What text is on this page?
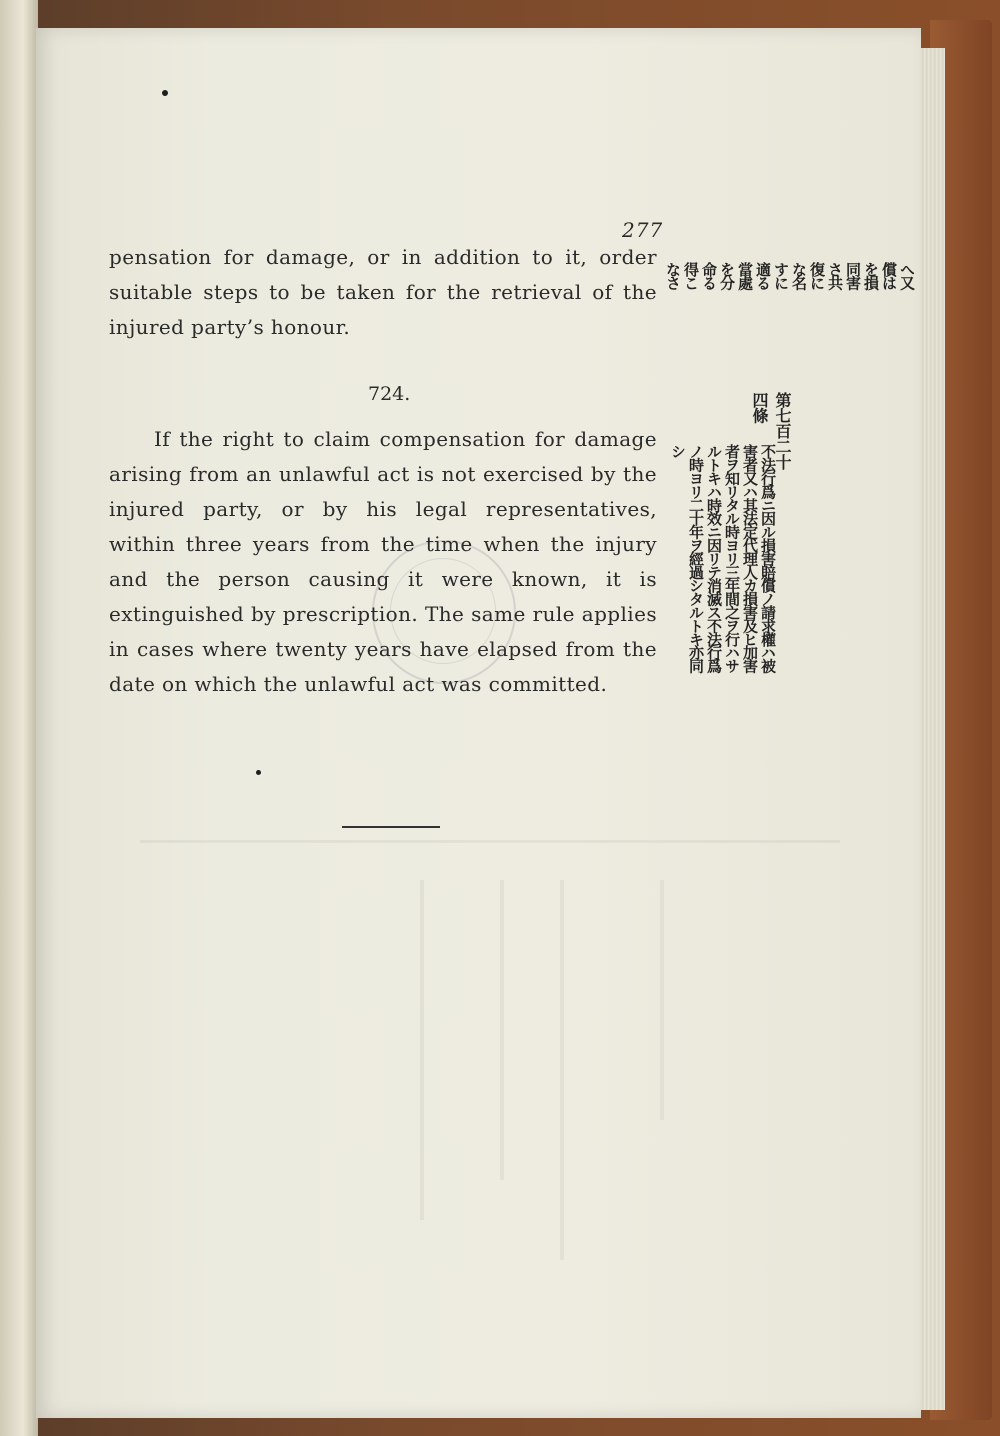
277

pensation for damage, or in addition to it, order suitable steps to be taken for the retrieval of the injured party’s honour.

へ又
償は
を損
同害
さ共
復に
な名
すに
適る
當處
を分
命る
得こ
なさ
724.	第七百二十
四條

If the right to claim compensation for damage arising from an unlawful act is not exercised by the injured party, or by his legal representatives, within three years from the time when the injury and the person causing it were known, it is extinguished by prescription. The same rule applies in cases where twenty years have elapsed from the date on which the unlawful act was committed.

不法行爲ニ因ル損害賠償ノ請求權ハ被
害者又ハ其法定代理人カ損害及ヒ加害
者ヲ知リタル時ヨリ三年間之ヲ行ハサ
ルトキハ時效ニ因リテ消滅ス不法行爲
ノ時ヨリ二十年ヲ經過シタルトキ亦同
シ
